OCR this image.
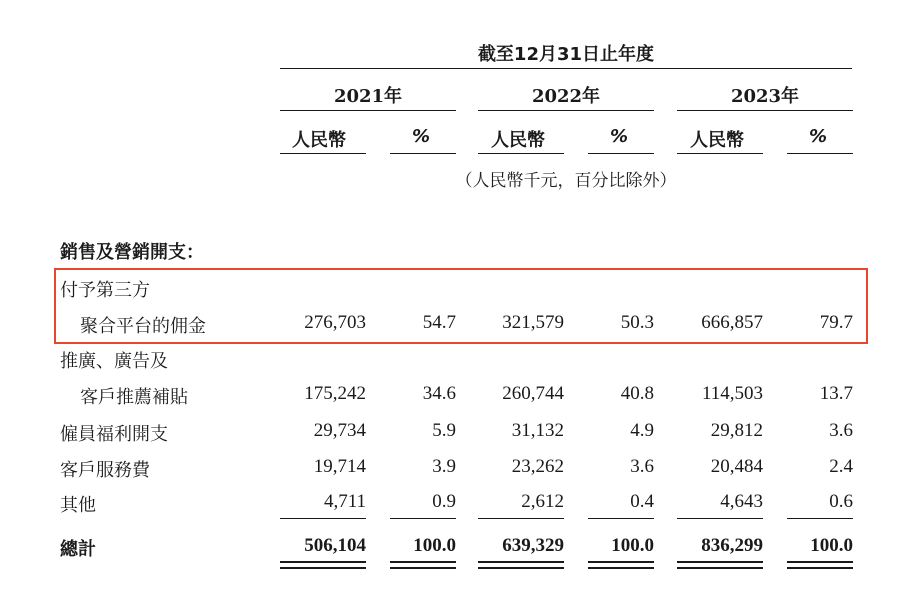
截至12月31日止年度
2021年	2022年	2023年
人民幣	%	人民幣	%	人民幣	%
（人民幣千元，百分比除外）
銷售及營銷開支：
付予第三方
聚合平台的佣金	276,703	54.7	321,579	50.3	666,857	79.7
推廣、廣告及
客戶推薦補貼	175,242	34.6	260,744	40.8	114,503	13.7
僱員福利開支	29,734	5.9	31,132	4.9	29,812	3.6
客戶服務費	19,714	3.9	23,262	3.6	20,484	2.4
其他	4,711	0.9	2,612	0.4	4,643	0.6
總計	506,104	100.0	639,329	100.0	836,299	100.0
